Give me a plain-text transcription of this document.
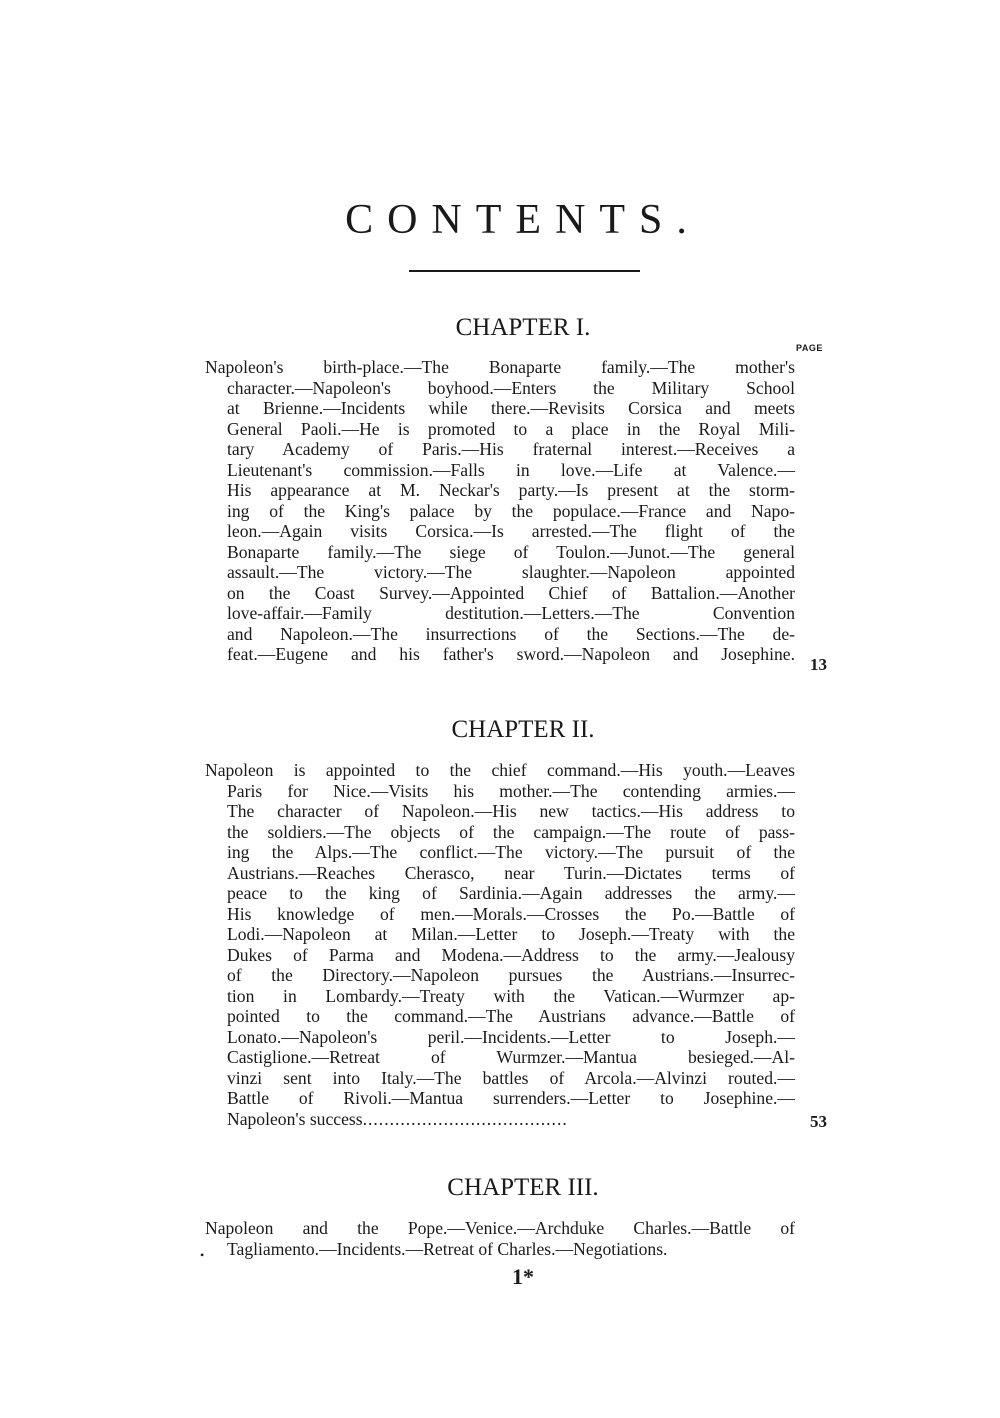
CONTENTS.
CHAPTER I.
PAGE
Napoleon's birth-place.—The Bonaparte family.—The mother's
character.—Napoleon's boyhood.—Enters the Military School
at Brienne.—Incidents while there.—Revisits Corsica and meets
General Paoli.—He is promoted to a place in the Royal Mili-
tary Academy of Paris.—His fraternal interest.—Receives a
Lieutenant's commission.—Falls in love.—Life at Valence.—
His appearance at M. Neckar's party.—Is present at the storm-
ing of the King's palace by the populace.—France and Napo-
leon.—Again visits Corsica.—Is arrested.—The flight of the
Bonaparte family.—The siege of Toulon.—Junot.—The general
assault.—The victory.—The slaughter.—Napoleon appointed
on the Coast Survey.—Appointed Chief of Battalion.—Another
love-affair.—Family destitution.—Letters.—The Convention
and Napoleon.—The insurrections of the Sections.—The de-
feat.—Eugene and his father's sword.—Napoleon and Josephine.
13
CHAPTER II.
Napoleon is appointed to the chief command.—His youth.—Leaves
Paris for Nice.—Visits his mother.—The contending armies.—
The character of Napoleon.—His new tactics.—His address to
the soldiers.—The objects of the campaign.—The route of pass-
ing the Alps.—The conflict.—The victory.—The pursuit of the
Austrians.—Reaches Cherasco, near Turin.—Dictates terms of
peace to the king of Sardinia.—Again addresses the army.—
His knowledge of men.—Morals.—Crosses the Po.—Battle of
Lodi.—Napoleon at Milan.—Letter to Joseph.—Treaty with the
Dukes of Parma and Modena.—Address to the army.—Jealousy
of the Directory.—Napoleon pursues the Austrians.—Insurrec-
tion in Lombardy.—Treaty with the Vatican.—Wurmzer ap-
pointed to the command.—The Austrians advance.—Battle of
Lonato.—Napoleon's peril.—Incidents.—Letter to Joseph.—
Castiglione.—Retreat of Wurmzer.—Mantua besieged.—Al-
vinzi sent into Italy.—The battles of Arcola.—Alvinzi routed.—
Battle of Rivoli.—Mantua surrenders.—Letter to Josephine.—
Napoleon's success ......................................	53
CHAPTER III.
Napoleon and the Pope.—Venice.—Archduke Charles.—Battle of
Tagliamento.—Incidents.—Retreat of Charles.—Negotiations.
•
1*
